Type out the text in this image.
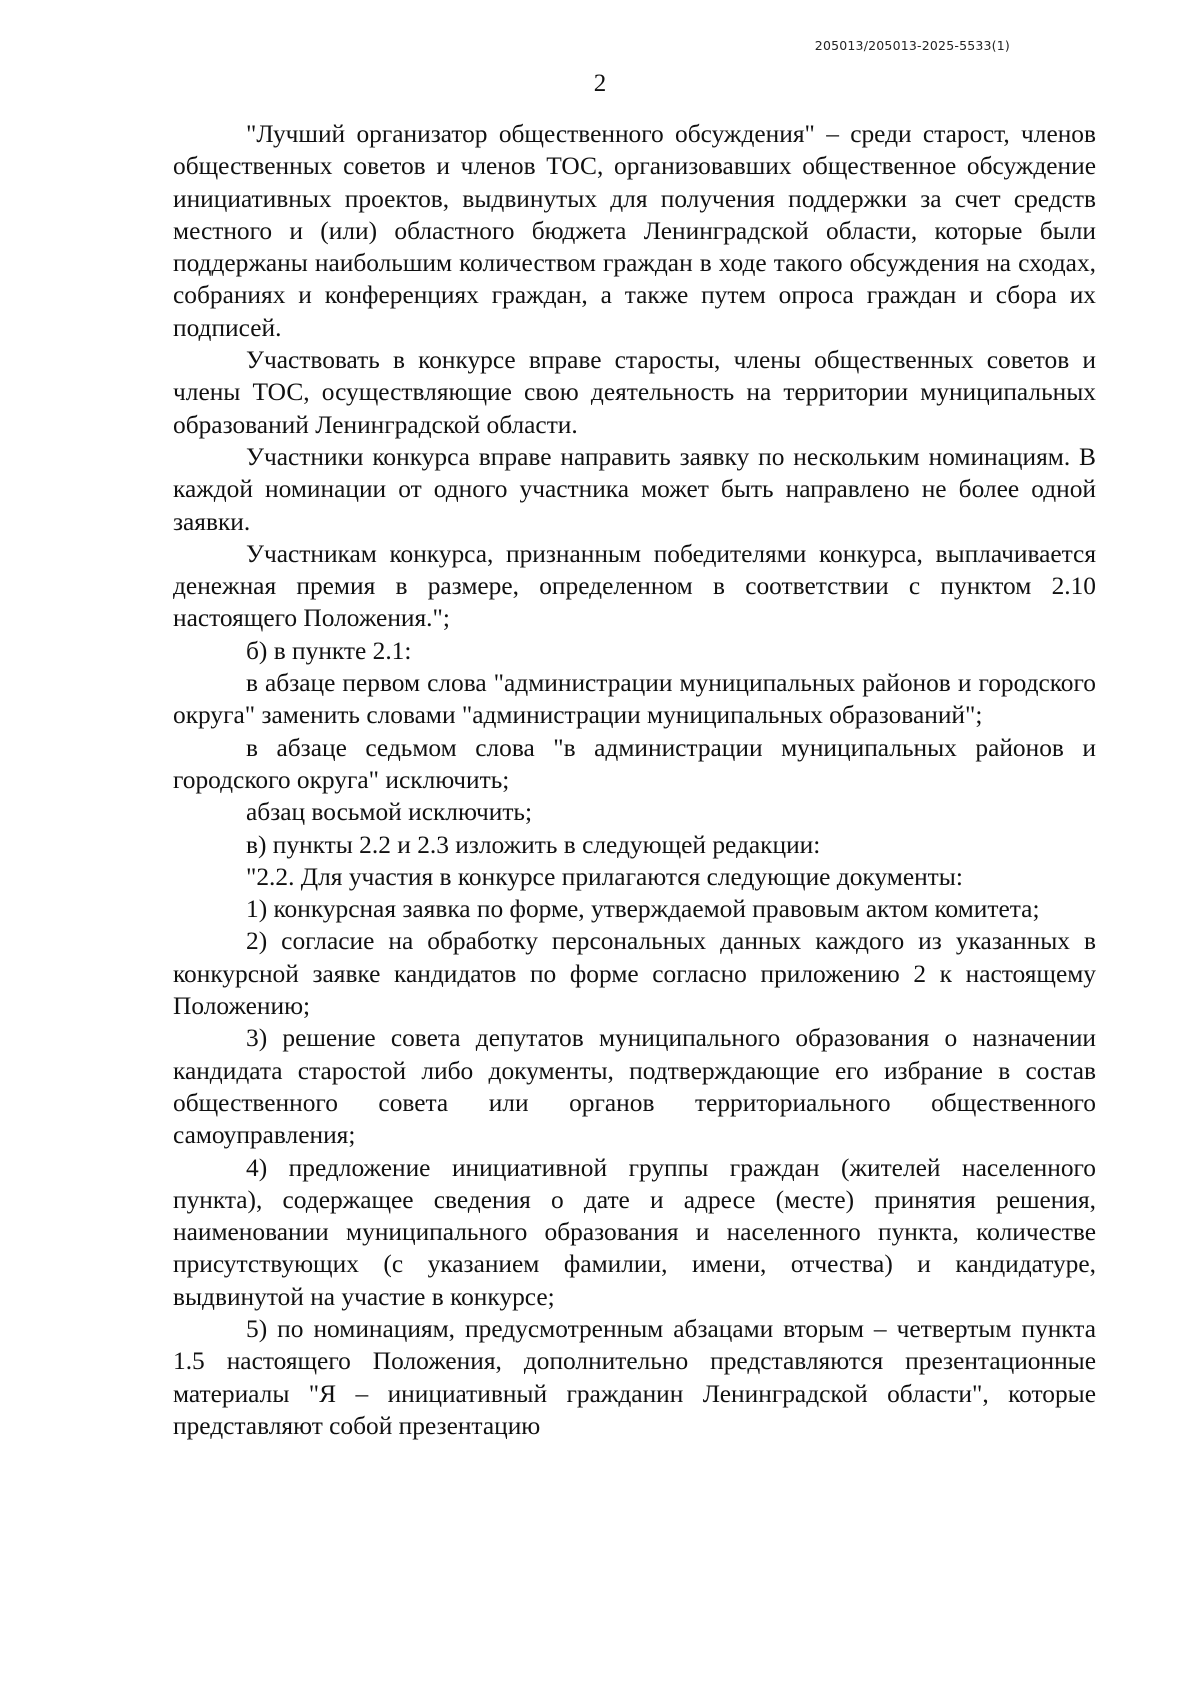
205013/205013-2025-5533(1)
2

"Лучший организатор общественного обсуждения" – среди старост, членов общественных советов и членов ТОС, организовавших общественное обсуждение инициативных проектов, выдвинутых для получения поддержки за счет средств местного и (или) областного бюджета Ленинградской области, которые были поддержаны наибольшим количеством граждан в ходе такого обсуждения на сходах, собраниях и конференциях граждан, а также путем опроса граждан и сбора их подписей.

Участвовать в конкурсе вправе старосты, члены общественных советов и члены ТОС, осуществляющие свою деятельность на территории муниципальных образований Ленинградской области.

Участники конкурса вправе направить заявку по нескольким номинациям. В каждой номинации от одного участника может быть направлено не более одной заявки.

Участникам конкурса, признанным победителями конкурса, выплачивается денежная премия в размере, определенном в соответствии с пунктом 2.10 настоящего Положения.";

б) в пункте 2.1:

в абзаце первом слова "администрации муниципальных районов и городского округа" заменить словами "администрации муниципальных образований";

в абзаце седьмом слова "в администрации муниципальных районов и городского округа" исключить;

абзац восьмой исключить;

в) пункты 2.2 и 2.3 изложить в следующей редакции:

"2.2. Для участия в конкурсе прилагаются следующие документы:

1) конкурсная заявка по форме, утверждаемой правовым актом комитета;

2) согласие на обработку персональных данных каждого из указанных в конкурсной заявке кандидатов по форме согласно приложению 2 к настоящему Положению;

3) решение совета депутатов муниципального образования о назначении кандидата старостой либо документы, подтверждающие его избрание в состав общественного совета или органов территориального общественного самоуправления;

4) предложение инициативной группы граждан (жителей населенного пункта), содержащее сведения о дате и адресе (месте) принятия решения, наименовании муниципального образования и населенного пункта, количестве присутствующих (с указанием фамилии, имени, отчества) и кандидатуре, выдвинутой на участие в конкурсе;

5) по номинациям, предусмотренным абзацами вторым – четвертым пункта 1.5 настоящего Положения, дополнительно представляются презентационные материалы "Я – инициативный гражданин Ленинградской области", которые представляют собой презентацию
